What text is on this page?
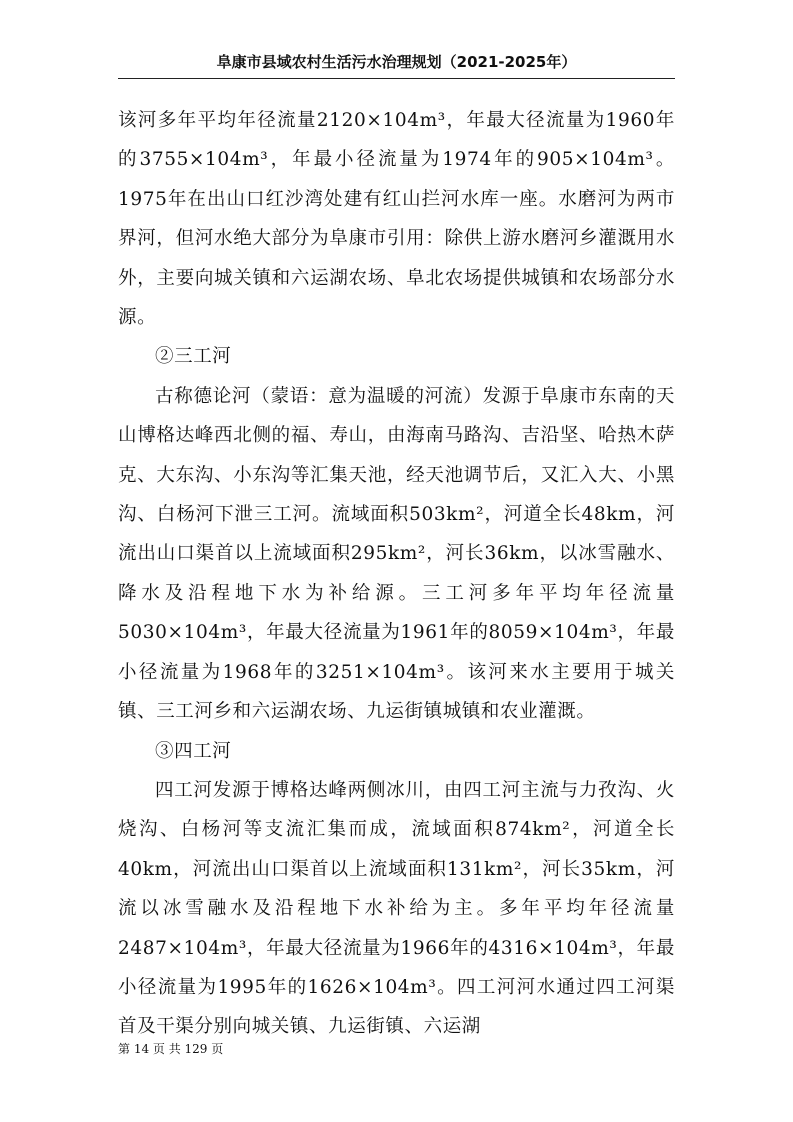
阜康市县域农村生活污水治理规划（2021-2025年）

该河多年平均年径流量2120×104m³，年最大径流量为1960年的3755×104m³，年最小径流量为1974年的905×104m³。1975年在出山口红沙湾处建有红山拦河水库一座。水磨河为两市界河，但河水绝大部分为阜康市引用：除供上游水磨河乡灌溉用水外，主要向城关镇和六运湖农场、阜北农场提供城镇和农场部分水源。

②三工河

古称德论河（蒙语：意为温暖的河流）发源于阜康市东南的天山博格达峰西北侧的福、寿山，由海南马路沟、吉沿坚、哈热木萨克、大东沟、小东沟等汇集天池，经天池调节后，又汇入大、小黑沟、白杨河下泄三工河。流域面积503km²，河道全长48km，河流出山口渠首以上流域面积295km²，河长36km，以冰雪融水、降水及沿程地下水为补给源。三工河多年平均年径流量5030×104m³，年最大径流量为1961年的8059×104m³，年最小径流量为1968年的3251×104m³。该河来水主要用于城关镇、三工河乡和六运湖农场、九运街镇城镇和农业灌溉。

③四工河

四工河发源于博格达峰两侧冰川，由四工河主流与力孜沟、火烧沟、白杨河等支流汇集而成，流域面积874km²，河道全长40km，河流出山口渠首以上流域面积131km²，河长35km，河流以冰雪融水及沿程地下水补给为主。多年平均年径流量2487×104m³，年最大径流量为1966年的4316×104m³，年最小径流量为1995年的1626×104m³。四工河河水通过四工河渠首及干渠分别向城关镇、九运街镇、六运湖

第 14 页 共 129 页
